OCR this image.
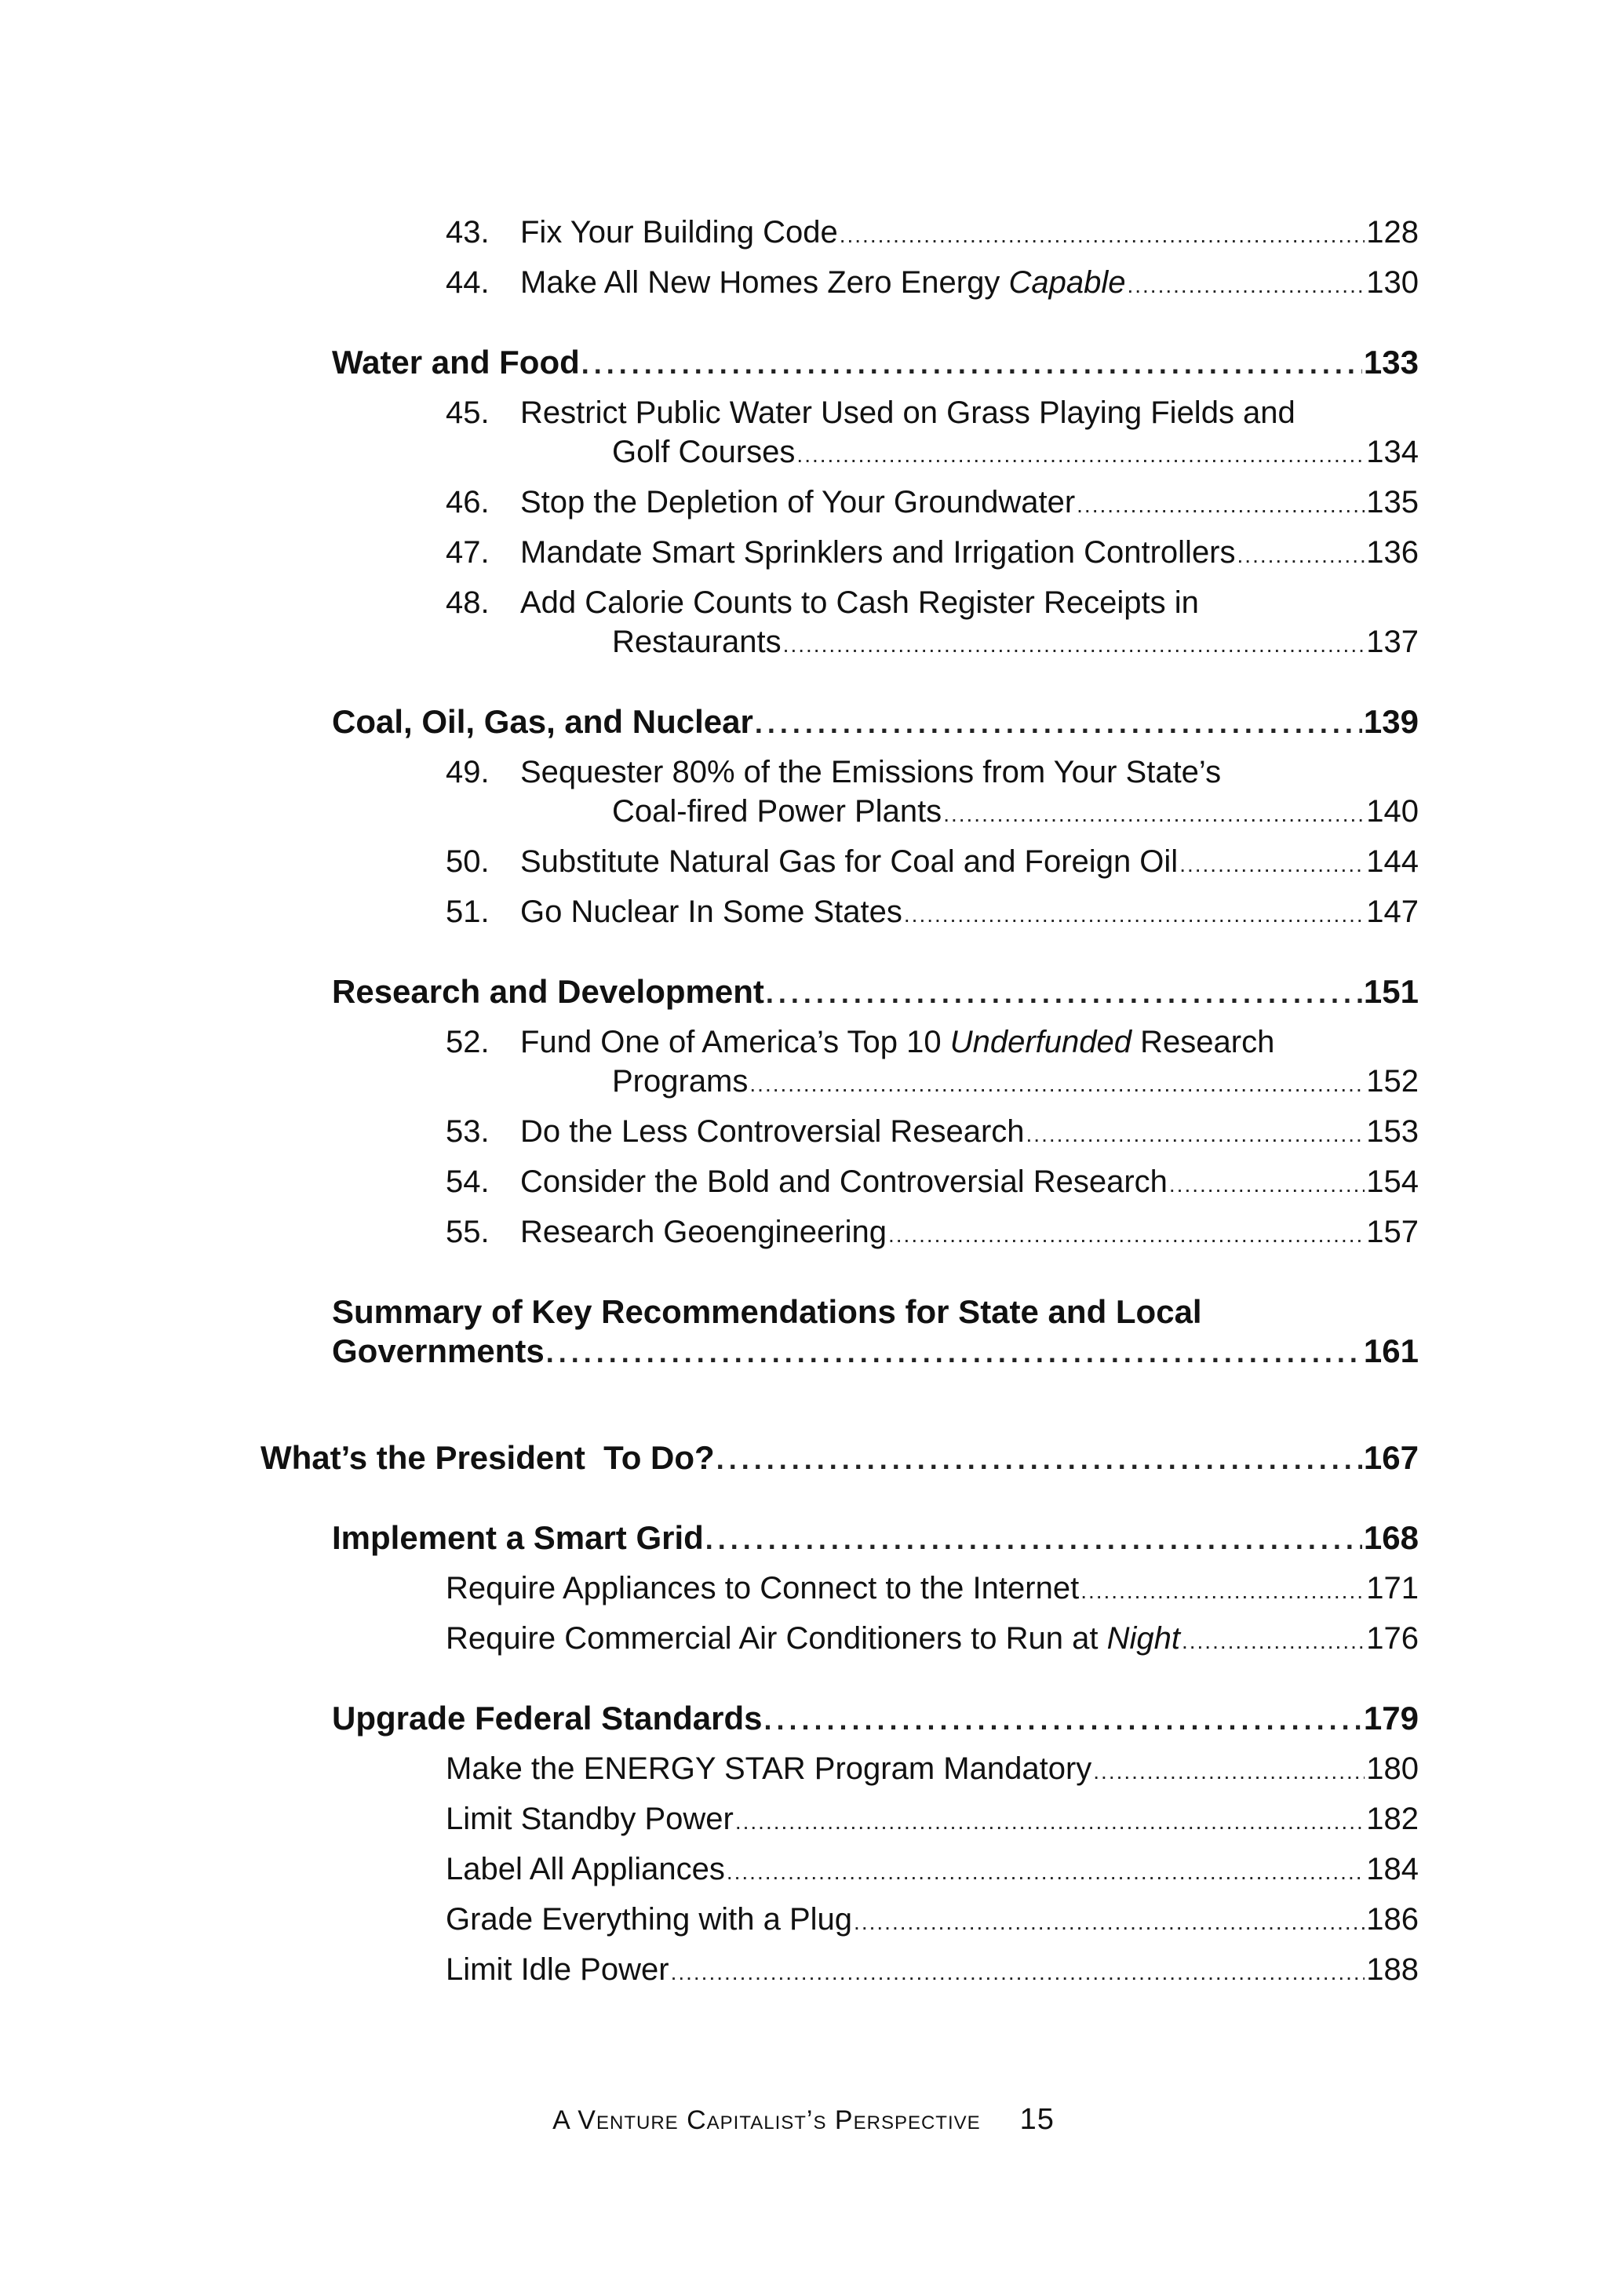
43. Fix Your Building Code .....	128
44. Make All New Homes Zero Energy Capable .....	130
Water and Food .....	133
45. Restrict Public Water Used on Grass Playing Fields and
Golf Courses .....	134
46. Stop the Depletion of Your Groundwater .....	135
47. Mandate Smart Sprinklers and Irrigation Controllers .....	136
48. Add Calorie Counts to Cash Register Receipts in
Restaurants .....	137
Coal, Oil, Gas, and Nuclear .....	139
49. Sequester 80% of the Emissions from Your State’s
Coal-fired Power Plants .....	140
50. Substitute Natural Gas for Coal and Foreign Oil .....	144
51. Go Nuclear In Some States .....	147
Research and Development .....	151
52. Fund One of America’s Top 10 Underfunded Research
Programs .....	152
53. Do the Less Controversial Research .....	153
54. Consider the Bold and Controversial Research .....	154
55. Research Geoengineering .....	157
Summary of Key Recommendations for State and Local
Governments .....	161
What’s the President  To Do? .....	167
Implement a Smart Grid .....	168
Require Appliances to Connect to the Internet .....	171
Require Commercial Air Conditioners to Run at Night .....	176
Upgrade Federal Standards .....	179
Make the ENERGY STAR Program Mandatory .....	180
Limit Standby Power .....	182
Label All Appliances .....	184
Grade Everything with a Plug .....	186
Limit Idle Power .....	188
A Venture Capitalist’s Perspective 15
